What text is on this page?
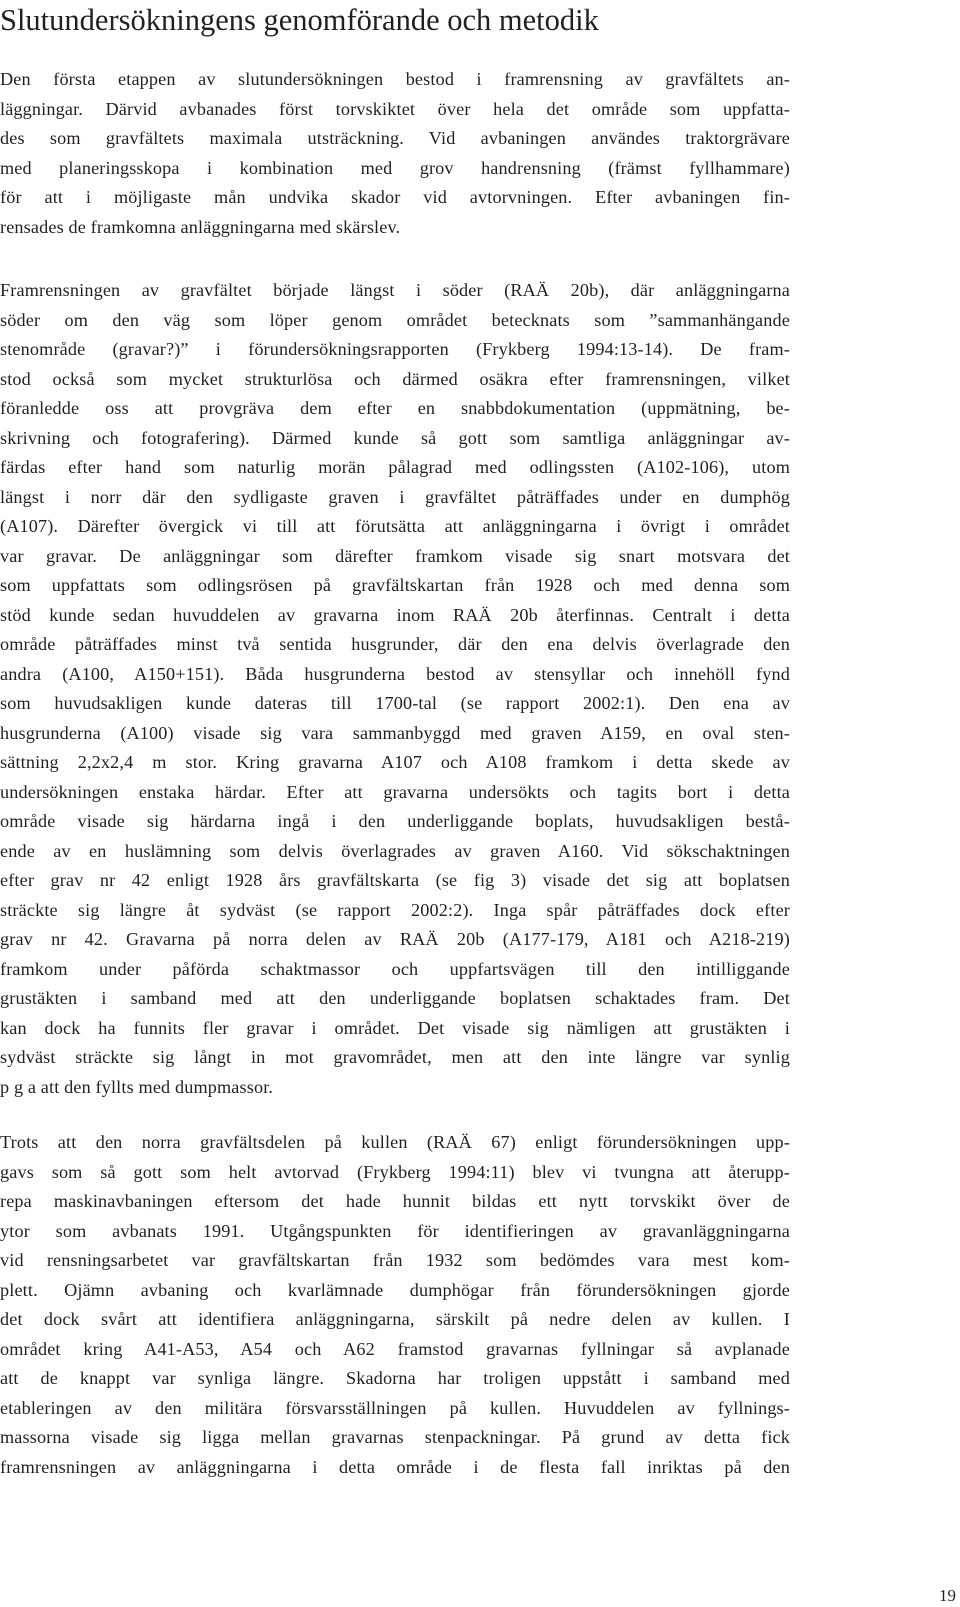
Slutundersökningens genomförande och metodik
Den första etappen av slutundersökningen bestod i framrensning av gravfältets an-
läggningar. Därvid avbanades först torvskiktet över hela det område som uppfatta-
des som gravfältets maximala utsträckning. Vid avbaningen användes traktorgrävare
med planeringsskopa i kombination med grov handrensning (främst fyllhammare)
för att i möjligaste mån undvika skador vid avtorvningen. Efter avbaningen fin-
rensades de framkomna anläggningarna med skärslev.
Framrensningen av gravfältet började längst i söder (RAÄ 20b), där anläggningarna
söder om den väg som löper genom området betecknats som ”sammanhängande
stenområde (gravar?)” i förundersökningsrapporten (Frykberg 1994:13-14). De fram-
stod också som mycket strukturlösa och därmed osäkra efter framrensningen, vilket
föranledde oss att provgräva dem efter en snabbdokumentation (uppmätning, be-
skrivning och fotografering). Därmed kunde så gott som samtliga anläggningar av-
färdas efter hand som naturlig morän pålagrad med odlingssten (A102-106), utom
längst i norr där den sydligaste graven i gravfältet påträffades under en dumphög
(A107). Därefter övergick vi till att förutsätta att anläggningarna i övrigt i området
var gravar. De anläggningar som därefter framkom visade sig snart motsvara det
som uppfattats som odlingsrösen på gravfältskartan från 1928 och med denna som
stöd kunde sedan huvuddelen av gravarna inom RAÄ 20b återfinnas. Centralt i detta
område påträffades minst två sentida husgrunder, där den ena delvis överlagrade den
andra (A100, A150+151). Båda husgrunderna bestod av stensyllar och innehöll fynd
som huvudsakligen kunde dateras till 1700-tal (se rapport 2002:1). Den ena av
husgrunderna (A100) visade sig vara sammanbyggd med graven A159, en oval sten-
sättning 2,2x2,4 m stor. Kring gravarna A107 och A108 framkom i detta skede av
undersökningen enstaka härdar. Efter att gravarna undersökts och tagits bort i detta
område visade sig härdarna ingå i den underliggande boplats, huvudsakligen bestå-
ende av en huslämning som delvis överlagrades av graven A160. Vid sökschaktningen
efter grav nr 42 enligt 1928 års gravfältskarta (se fig 3) visade det sig att boplatsen
sträckte sig längre åt sydväst (se rapport 2002:2). Inga spår påträffades dock efter
grav nr 42. Gravarna på norra delen av RAÄ 20b (A177-179, A181 och A218-219)
framkom under påförda schaktmassor och uppfartsvägen till den intilliggande
grustäkten i samband med att den underliggande boplatsen schaktades fram. Det
kan dock ha funnits fler gravar i området. Det visade sig nämligen att grustäkten i
sydväst sträckte sig långt in mot gravområdet, men att den inte längre var synlig
p g a att den fyllts med dumpmassor.
Trots att den norra gravfältsdelen på kullen (RAÄ 67) enligt förundersökningen upp-
gavs som så gott som helt avtorvad (Frykberg 1994:11) blev vi tvungna att återupp-
repa maskinavbaningen eftersom det hade hunnit bildas ett nytt torvskikt över de
ytor som avbanats 1991. Utgångspunkten för identifieringen av gravanläggningarna
vid rensningsarbetet var gravfältskartan från 1932 som bedömdes vara mest kom-
plett. Ojämn avbaning och kvarlämnade dumphögar från förundersökningen gjorde
det dock svårt att identifiera anläggningarna, särskilt på nedre delen av kullen. I
området kring A41-A53, A54 och A62 framstod gravarnas fyllningar så avplanade
att de knappt var synliga längre. Skadorna har troligen uppstått i samband med
etableringen av den militära försvarsställningen på kullen. Huvuddelen av fyllnings-
massorna visade sig ligga mellan gravarnas stenpackningar. På grund av detta fick
framrensningen av anläggningarna i detta område i de flesta fall inriktas på den
19
